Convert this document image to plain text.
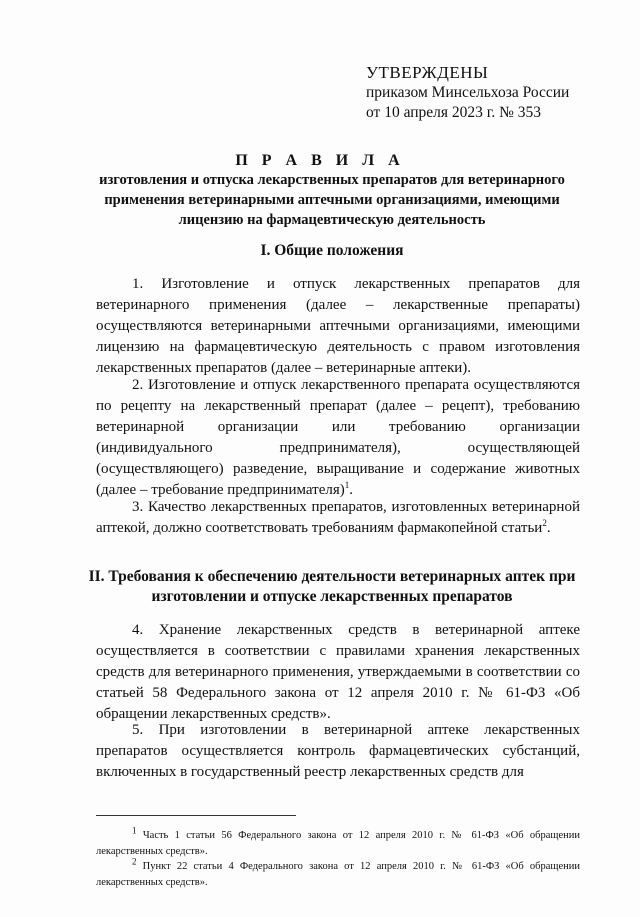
УТВЕРЖДЕНЫ
приказом Минсельхоза России
от 10 апреля 2023 г. № 353
П Р А В И Л А
изготовления и отпуска лекарственных препаратов для ветеринарного применения ветеринарными аптечными организациями, имеющими лицензию на фармацевтическую деятельность
I. Общие положения
1. Изготовление и отпуск лекарственных препаратов для ветеринарного применения (далее – лекарственные препараты) осуществляются ветеринарными аптечными организациями, имеющими лицензию на фармацевтическую деятельность с правом изготовления лекарственных препаратов (далее – ветеринарные аптеки).
2. Изготовление и отпуск лекарственного препарата осуществляются по рецепту на лекарственный препарат (далее – рецепт), требованию ветеринарной организации или требованию организации (индивидуального предпринимателя), осуществляющей (осуществляющего) разведение, выращивание и содержание животных (далее – требование предпринимателя)$^1$.
3. Качество лекарственных препаратов, изготовленных ветеринарной аптекой, должно соответствовать требованиям фармакопейной статьи$^2$.
II. Требования к обеспечению деятельности ветеринарных аптек при изготовлении и отпуске лекарственных препаратов
4. Хранение лекарственных средств в ветеринарной аптеке осуществляется в соответствии с правилами хранения лекарственных средств для ветеринарного применения, утверждаемыми в соответствии со статьей 58 Федерального закона от 12 апреля 2010 г. № 61-ФЗ «Об обращении лекарственных средств».
5. При изготовлении в ветеринарной аптеке лекарственных препаратов осуществляется контроль фармацевтических субстанций, включенных в государственный реестр лекарственных средств для
$^1$ Часть 1 статьи 56 Федерального закона от 12 апреля 2010 г. № 61-ФЗ «Об обращении лекарственных средств».
$^2$ Пункт 22 статьи 4 Федерального закона от 12 апреля 2010 г. № 61-ФЗ «Об обращении лекарственных средств».
